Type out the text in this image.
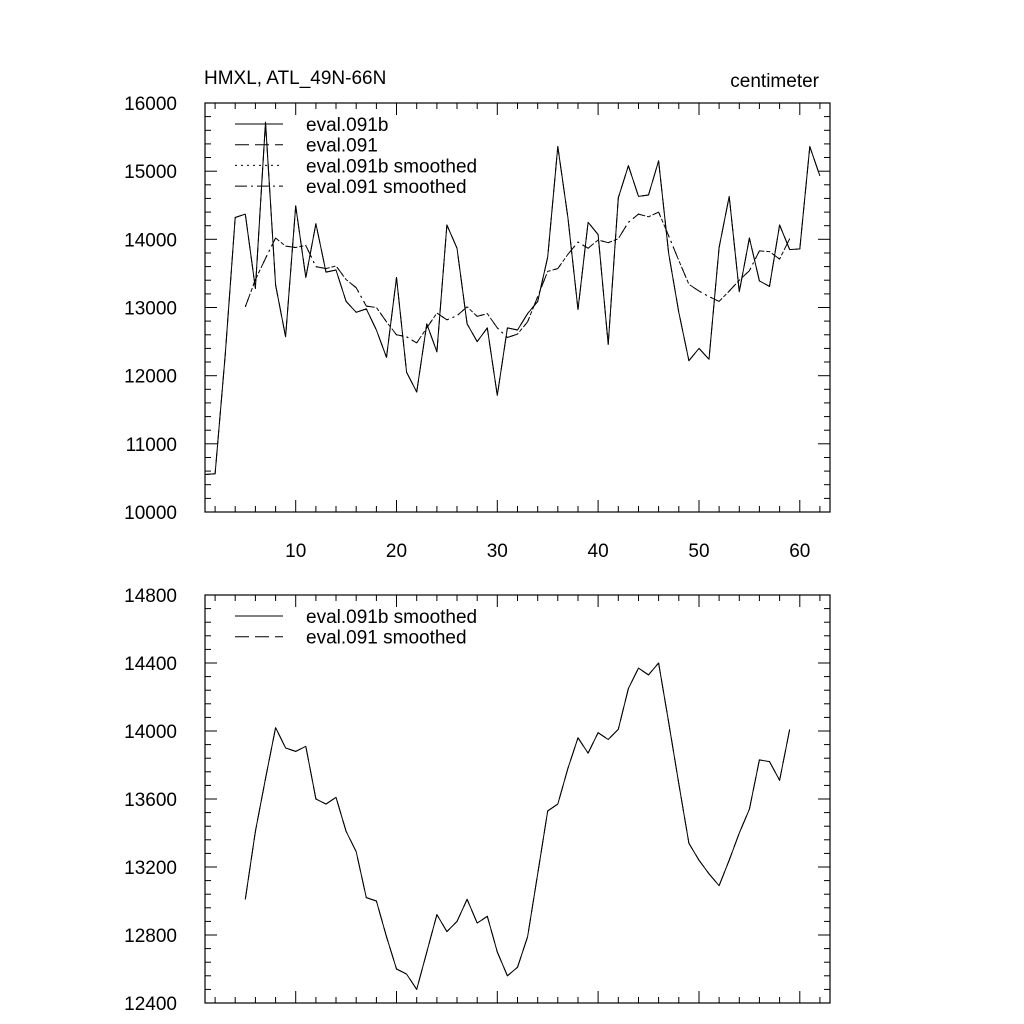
HMXL, ATL_49N-66N	centimeter
10	20	30	40	50	60
10000
11000
12000
13000
14000
15000
16000
eval.091b
eval.091
eval.091b smoothed
eval.091 smoothed
12400
12800
13200
13600
14000
14400
14800
eval.091b smoothed
eval.091 smoothed
